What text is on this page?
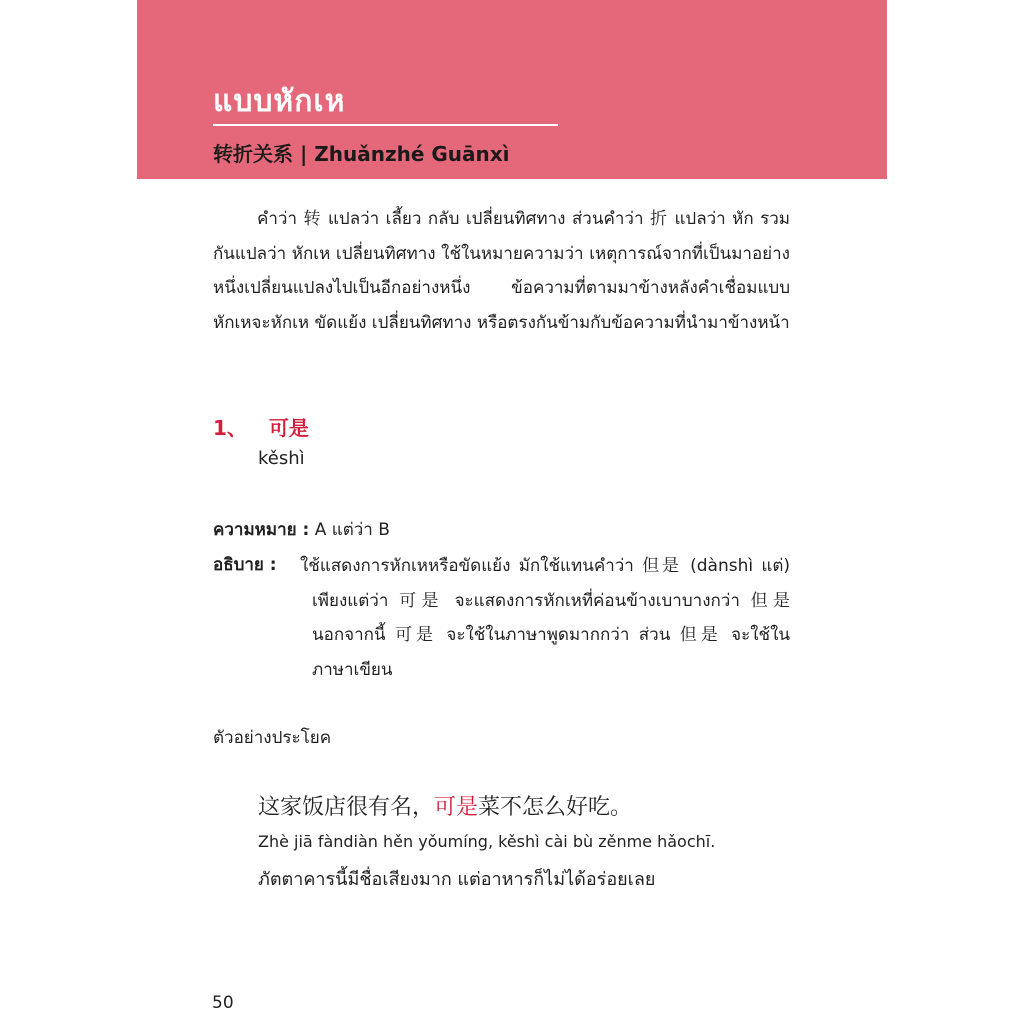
แบบหักเห
转折关系 | Zhuǎnzhé Guānxì

คำว่า 转 แปลว่า เลี้ยว กลับ เปลี่ยนทิศทาง ส่วนคำว่า 折 แปลว่า หัก รวมกันแปลว่า หักเห เปลี่ยนทิศทาง ใช้ในหมายความว่า เหตุการณ์จากที่เป็นมาอย่างหนึ่งเปลี่ยนแปลงไปเป็นอีกอย่างหนึ่ง ข้อความที่ตามมาข้างหลังคำเชื่อมแบบหักเหจะหักเห ขัดแย้ง เปลี่ยนทิศทาง หรือตรงกันข้ามกับข้อความที่นำมาข้างหน้า

1、 可是
kěshì
ความหมาย : A แต่ว่า B
อธิบาย : ใช้แสดงการหักเหหรือขัดแย้ง มักใช้แทนคำว่า 但是 (dànshì แต่) เพียงแต่ว่า 可是 จะแสดงการหักเหที่ค่อนข้างเบาบางกว่า 但是 นอกจากนี้ 可是 จะใช้ในภาษาพูดมากกว่า ส่วน 但是 จะใช้ในภาษาเขียน

ตัวอย่างประโยค
这家饭店很有名，可是菜不怎么好吃。
Zhè jiā fàndiàn hěn yǒumíng, kěshì cài bù zěnme hǎochī.
ภัตตาคารนี้มีชื่อเสียงมาก แต่อาหารก็ไม่ได้อร่อยเลย
50
